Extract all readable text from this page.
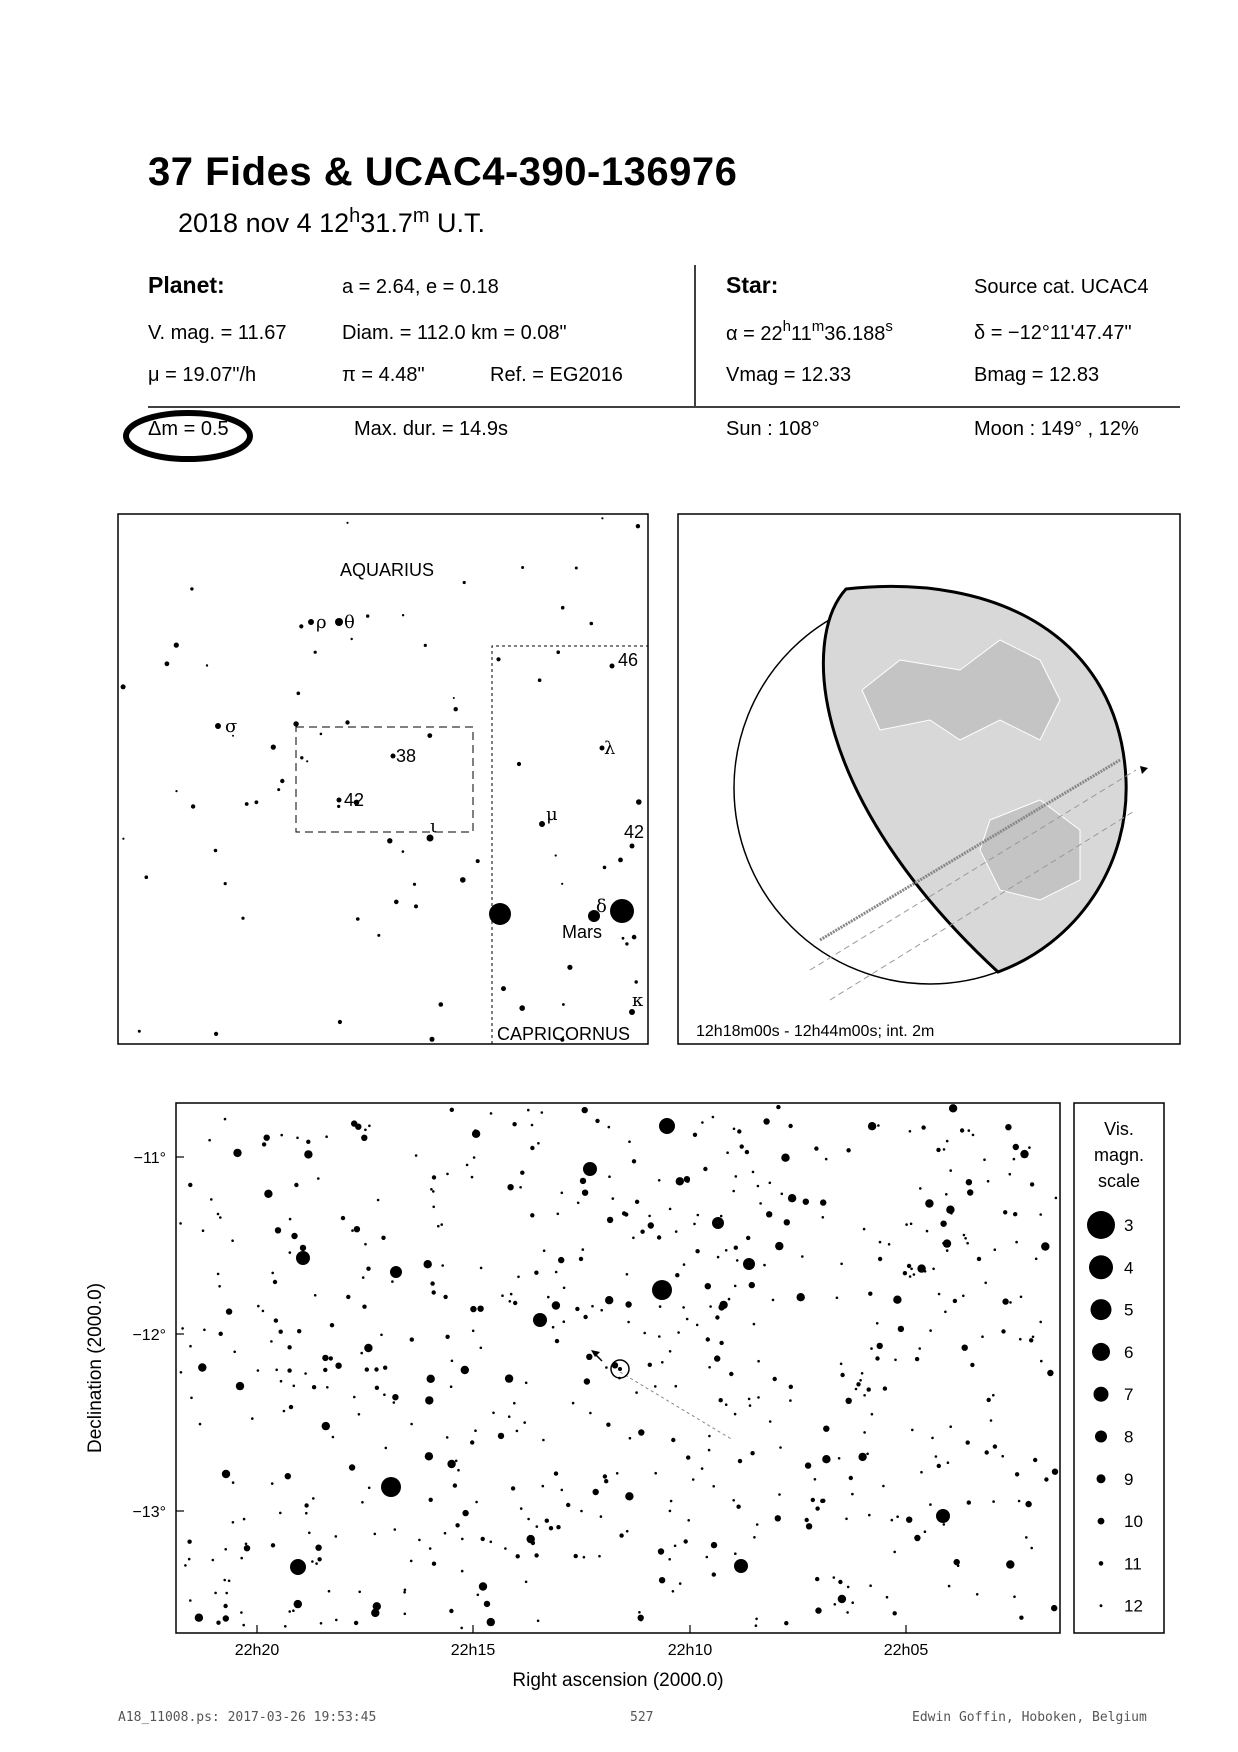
37 Fides & UCAC4-390-136976
2018 nov 4 12$^h$31.7$^m$ U.T.
Planet:	a = 2.64, e = 0.18
V. mag. = 11.67	Diam. = 112.0 km = 0.08"
μ = 19.07"/h	π = 4.48"	Ref. = EG2016
Star:	Source cat. UCAC4
$\alpha = 22^h11^m36.188^s$	δ = −12°11'47.47"
Vmag = 12.33	Bmag = 12.83
Δm = 0.5	Max. dur. = 14.9s	Sun : 108°	Moon : 149° , 12%
AQUARIUS
CAPRICORNUS
ρ θ
σ
38
42
ι
46
λ
μ
42
δ
Mars
κ
12h18m00s - 12h44m00s; int. 2m
−11°
−12°
−13°
22h20	22h15	22h10	22h05
Right ascension (2000.0)
Declination (2000.0)
Vis.
magn.
scale
3
4
5
6
7
8
9
10
11
12
A18_11008.ps: 2017-03-26 19:53:45	527	Edwin Goffin, Hoboken, Belgium
